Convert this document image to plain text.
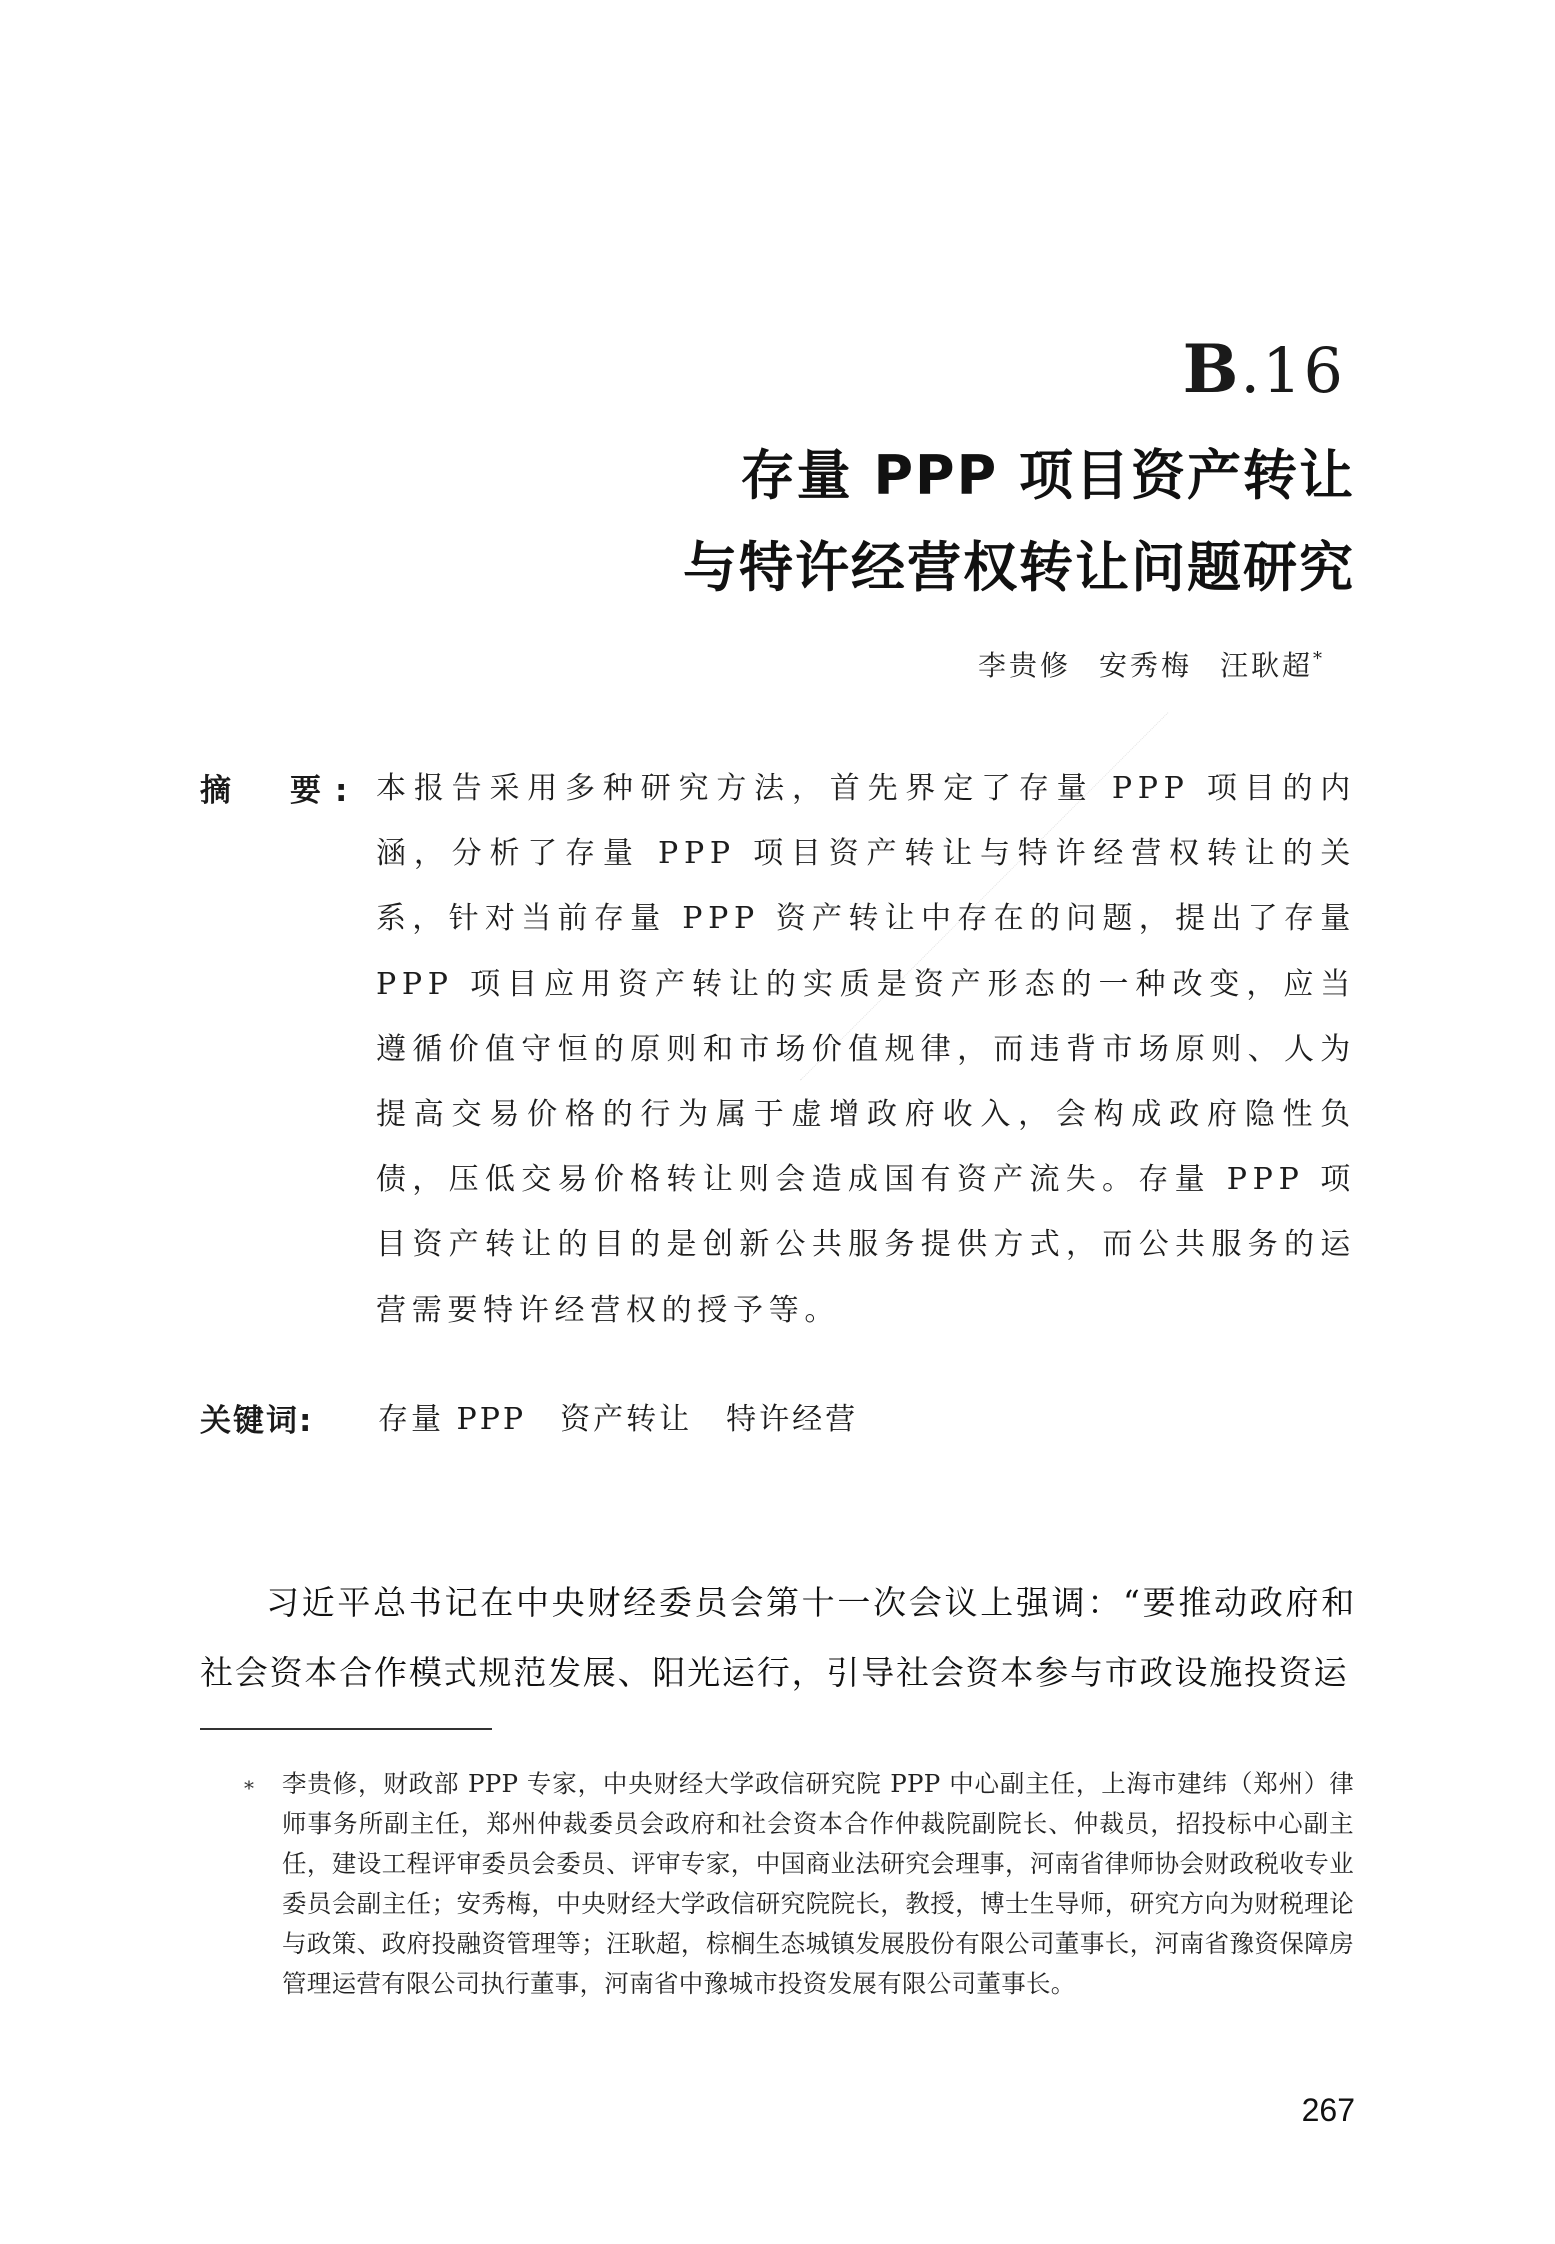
B.16
存量 PPP 项目资产转让
与特许经营权转让问题研究
李贵修 安秀梅 汪耿超*
摘　要: 本报告采用多种研究方法，首先界定了存量 PPP 项目的内涵，分析了存量 PPP 项目资产转让与特许经营权转让的关系，针对当前存量 PPP 资产转让中存在的问题，提出了存量 PPP 项目应用资产转让的实质是资产形态的一种改变，应当遵循价值守恒的原则和市场价值规律，而违背市场原则、人为提高交易价格的行为属于虚增政府收入，会构成政府隐性负债，压低交易价格转让则会造成国有资产流失。存量 PPP 项目资产转让的目的是创新公共服务提供方式，而公共服务的运营需要特许经营权的授予等。

关键词: 存量 PPP 资产转让 特许经营

习近平总书记在中央财经委员会第十一次会议上强调：“要推动政府和社会资本合作模式规范发展、阳光运行，引导社会资本参与市政设施投资运

* 李贵修，财政部 PPP 专家，中央财经大学政信研究院 PPP 中心副主任，上海市建纬（郑州）律师事务所副主任，郑州仲裁委员会政府和社会资本合作仲裁院副院长、仲裁员，招投标中心副主任，建设工程评审委员会委员、评审专家，中国商业法研究会理事，河南省律师协会财政税收专业委员会副主任；安秀梅，中央财经大学政信研究院院长，教授，博士生导师，研究方向为财税理论与政策、政府投融资管理等；汪耿超，棕榈生态城镇发展股份有限公司董事长，河南省豫资保障房管理运营有限公司执行董事，河南省中豫城市投资发展有限公司董事长。

267
